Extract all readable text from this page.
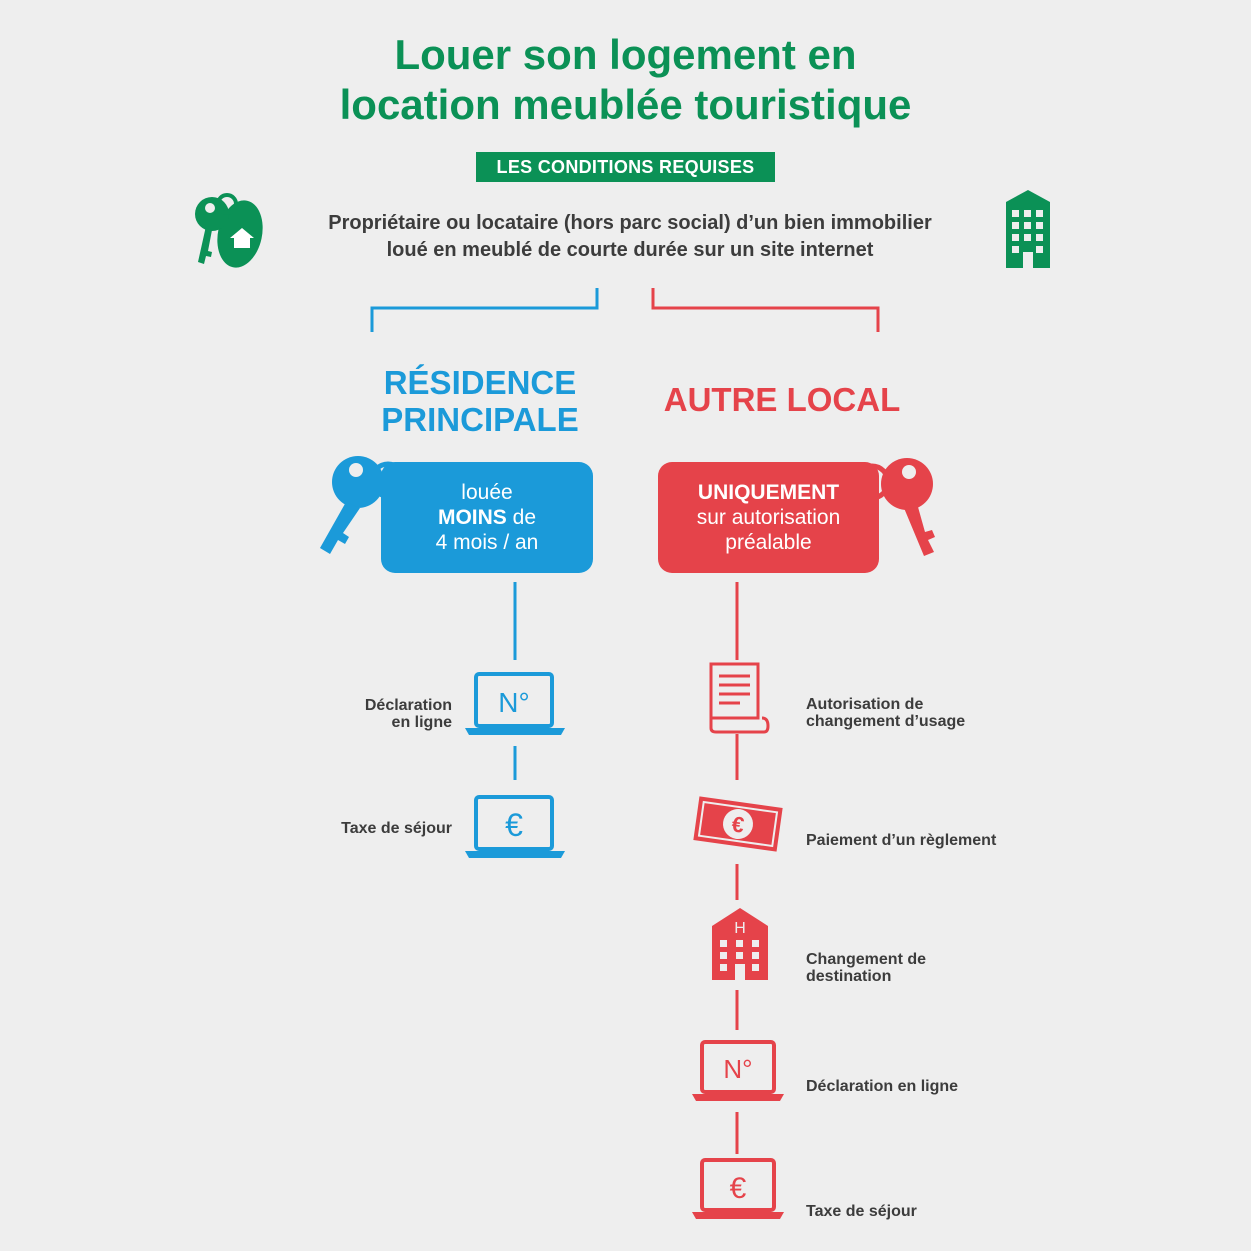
Louer son logement en
location meublée touristique
LES CONDITIONS REQUISES
Propriétaire ou locataire (hors parc social) d’un bien immobilier
loué en meublé de courte durée sur un site internet
RÉSIDENCE
PRINCIPALE
AUTRE LOCAL
louée
MOINS de
4 mois / an
UNIQUEMENT
sur autorisation
préalable
N°
Déclaration
en ligne
€
Taxe de séjour
Autorisation de
changement d’usage
€
Paiement d’un règlement
H
Changement de
destination
N°
Déclaration en ligne
€
Taxe de séjour
